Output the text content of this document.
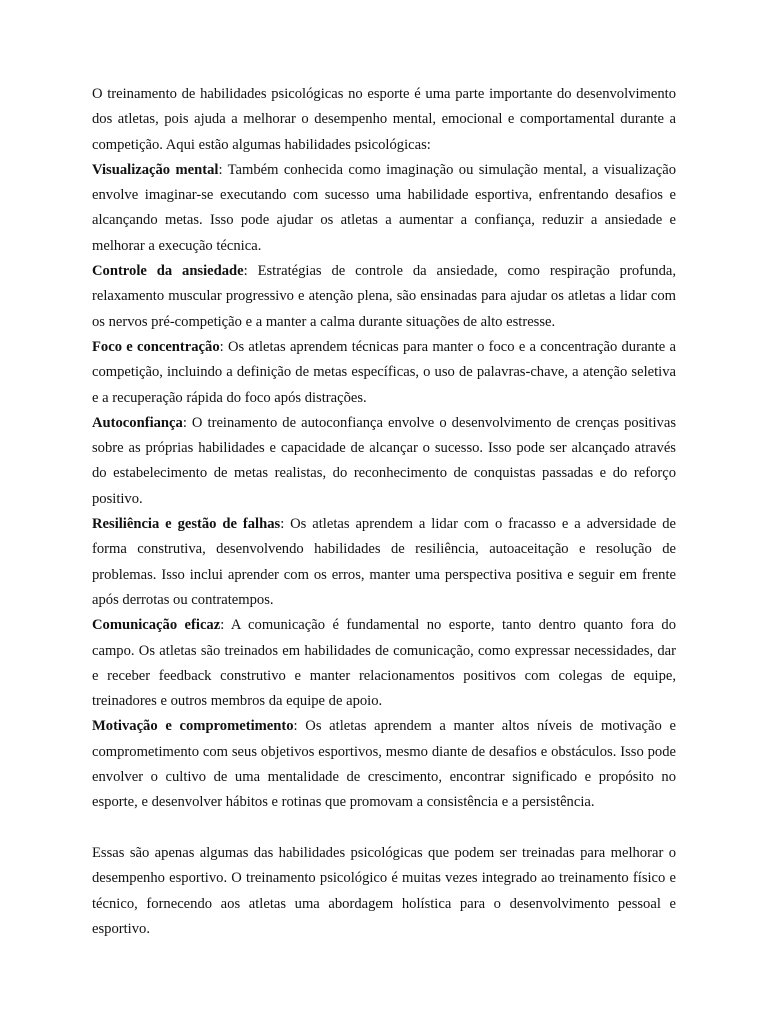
O treinamento de habilidades psicológicas no esporte é uma parte importante do desenvolvimento dos atletas, pois ajuda a melhorar o desempenho mental, emocional e comportamental durante a competição. Aqui estão algumas habilidades psicológicas:

Visualização mental: Também conhecida como imaginação ou simulação mental, a visualização envolve imaginar-se executando com sucesso uma habilidade esportiva, enfrentando desafios e alcançando metas. Isso pode ajudar os atletas a aumentar a confiança, reduzir a ansiedade e melhorar a execução técnica.

Controle da ansiedade: Estratégias de controle da ansiedade, como respiração profunda, relaxamento muscular progressivo e atenção plena, são ensinadas para ajudar os atletas a lidar com os nervos pré-competição e a manter a calma durante situações de alto estresse.

Foco e concentração: Os atletas aprendem técnicas para manter o foco e a concentração durante a competição, incluindo a definição de metas específicas, o uso de palavras-chave, a atenção seletiva e a recuperação rápida do foco após distrações.

Autoconfiança: O treinamento de autoconfiança envolve o desenvolvimento de crenças positivas sobre as próprias habilidades e capacidade de alcançar o sucesso. Isso pode ser alcançado através do estabelecimento de metas realistas, do reconhecimento de conquistas passadas e do reforço positivo.

Resiliência e gestão de falhas: Os atletas aprendem a lidar com o fracasso e a adversidade de forma construtiva, desenvolvendo habilidades de resiliência, autoaceitação e resolução de problemas. Isso inclui aprender com os erros, manter uma perspectiva positiva e seguir em frente após derrotas ou contratempos.

Comunicação eficaz: A comunicação é fundamental no esporte, tanto dentro quanto fora do campo. Os atletas são treinados em habilidades de comunicação, como expressar necessidades, dar e receber feedback construtivo e manter relacionamentos positivos com colegas de equipe, treinadores e outros membros da equipe de apoio.

Motivação e comprometimento: Os atletas aprendem a manter altos níveis de motivação e comprometimento com seus objetivos esportivos, mesmo diante de desafios e obstáculos. Isso pode envolver o cultivo de uma mentalidade de crescimento, encontrar significado e propósito no esporte, e desenvolver hábitos e rotinas que promovam a consistência e a persistência.

Essas são apenas algumas das habilidades psicológicas que podem ser treinadas para melhorar o desempenho esportivo. O treinamento psicológico é muitas vezes integrado ao treinamento físico e técnico, fornecendo aos atletas uma abordagem holística para o desenvolvimento pessoal e esportivo.
